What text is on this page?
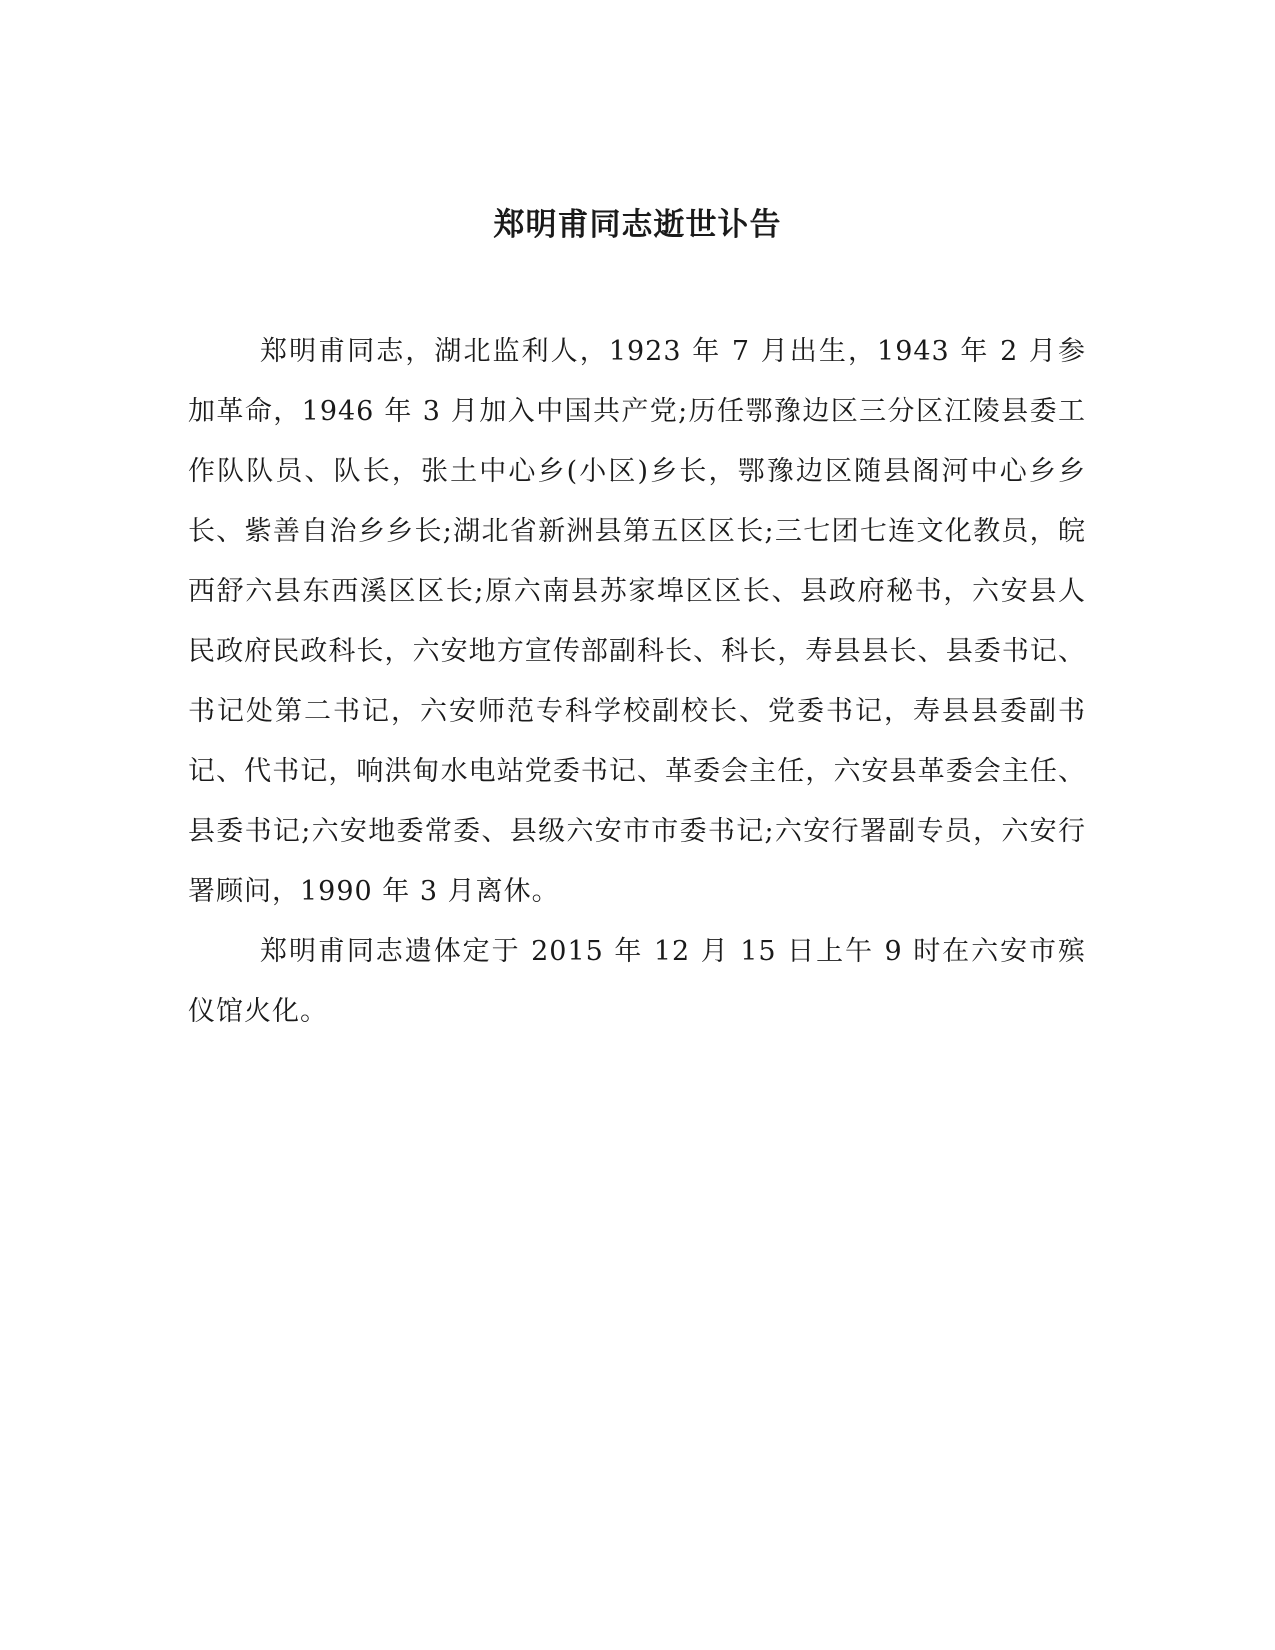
郑明甫同志逝世讣告

郑明甫同志，湖北监利人，1923 年 7 月出生，1943 年 2 月参加革命，1946 年 3 月加入中国共产党;历任鄂豫边区三分区江陵县委工作队队员、队长，张土中心乡(小区)乡长，鄂豫边区随县阁河中心乡乡长、紫善自治乡乡长;湖北省新洲县第五区区长;三七团七连文化教员，皖西舒六县东西溪区区长;原六南县苏家埠区区长、县政府秘书，六安县人民政府民政科长，六安地方宣传部副科长、科长，寿县县长、县委书记、书记处第二书记，六安师范专科学校副校长、党委书记，寿县县委副书记、代书记，响洪甸水电站党委书记、革委会主任，六安县革委会主任、县委书记;六安地委常委、县级六安市市委书记;六安行署副专员，六安行署顾问，1990 年 3 月离休。

郑明甫同志遗体定于 2015 年 12 月 15 日上午 9 时在六安市殡仪馆火化。
